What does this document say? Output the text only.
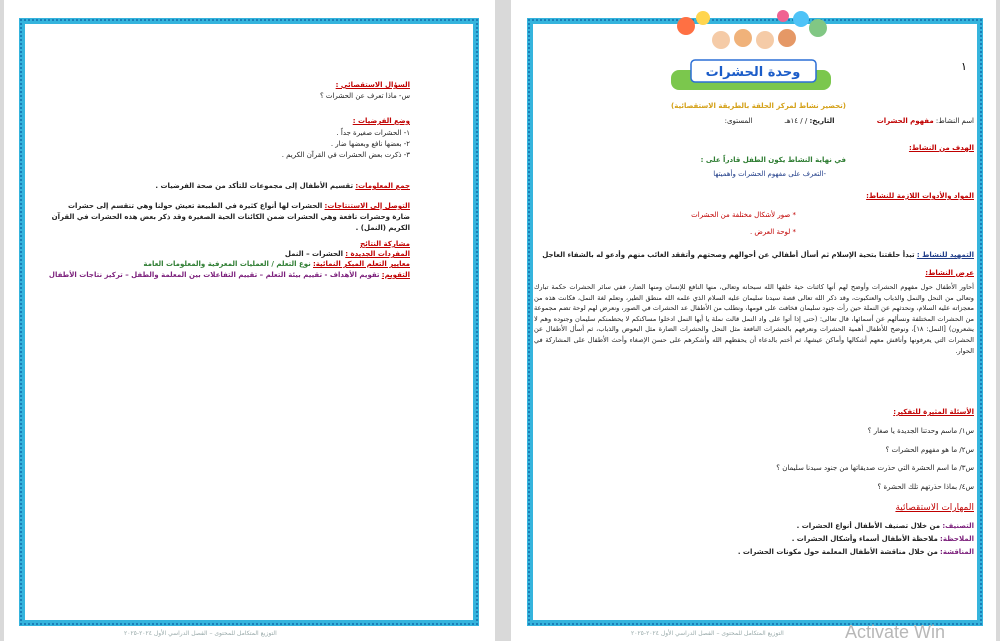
السؤال الاستقصائي :
س- ماذا تعرف عن الحشرات ؟
وضع الفرضيات :
١- الحشرات صغيرة جداً .
٢- بعضها نافع وبعضها ضار .
٣- ذكرت بعض الحشرات في القرآن الكريم .
جمع المعلومات: تقسيم الأطفال إلى مجموعات للتأكد من صحة الفرضيات .
التوصل إلى الاستنتاجات: الحشرات لها أنواع كثيرة في الطبيعة تعيش حولنا وهي تنقسم إلى حشرات ضارة وحشرات نافعة وهي الحشرات ضمن الكائنات الحية الصغيرة وقد ذكر بعض هذه الحشرات في القرآن الكريم (النمل) .
مشاركة النتائج
المفردات الجديدة : الحشرات – النمل
معايير التعلم المبكر النمائية: نوع التعلم / العمليات المعرفية والمعلومات العامة
التقويم: تقويم الأهداف - تقييم بيئة التعلم – تقييم التفاعلات بين المعلمة والطفل – تركيز نتاجات الأطفال
التوزيع المتكامل للمحتوى – الفصل الدراسي الأول ٢٠٢٤-٢٠٢٥
وحدة الحشرات	١
(تحضير نشاط لمركز الحلقة بالطريقة الاستقصائية)
اسم النشاط: مفهوم الحشرات التاريخ: / / ١٤هـ المستوى:
الهدف من النشاط:
في نهاية النشاط يكون الطفل قادراً على :
-التعرف على مفهوم الحشرات وأهميتها
المواد والأدوات اللازمة للنشاط:
* صور لأشكال مختلفة من الحشرات
* لوحة العرض .
التمهيد للنشاط : تبدأ حلقتنا بتحية الإسلام ثم أسأل أطفالي عن أحوالهم وصحتهم وأتفقد الغائب منهم وأدعو له بالشفاء العاجل
عرض النشاط:
أحاور الأطفال حول مفهوم الحشرات وأوضح لهم أنها كائنات حية خلقها الله سبحانه وتعالى، منها النافع للإنسان ومنها الضار، ففي سائر الحشرات حكمة تبارك وتعالى من النحل والنمل والذباب والعنكبوت، وقد ذكر الله تعالى قصة سيدنا سليمان عليه السلام الذي علمه الله منطق الطير، وتعلم لغة النمل، فكانت هذه من معجزاته عليه السلام، ونحدثهم عن النملة حين رأت جنود سليمان فخافت على قومها، ونطلب من الأطفال عد الحشرات في الصور، ونعرض لهم لوحة تضم مجموعة من الحشرات المختلفة ونسألهم عن أسمائها، قال تعالى: (حتى إذا أتوا على واد النمل قالت نملة يا أيها النمل ادخلوا مساكنكم لا يحطمنكم سليمان وجنوده وهم لا يشعرون) [النمل: ١٨]، ونوضح للأطفال أهمية الحشرات ونعرفهم بالحشرات النافعة مثل النحل والحشرات الضارة مثل البعوض والذباب، ثم أسأل الأطفال عن الحشرات التي يعرفونها وأناقش معهم أشكالها وأماكن عيشها، ثم أختم بالدعاء أن يحفظهم الله وأشكرهم على حسن الإصغاء وأحث الأطفال على المشاركة في الحوار.
الأسئلة المثيرة للتفكير:
س١/ ماسم وحدتنا الجديدة يا صغار ؟
س٢/ ما هو مفهوم الحشرات ؟
س٣/ ما اسم الحشرة التي حذرت صديقاتها من جنود سيدنا سليمان ؟
س٤/ بماذا حذرتهم تلك الحشرة ؟
المهارات الاستقصائية
التصنيف: من خلال تصنيف الأطفال أنواع الحشرات .
الملاحظة: ملاحظة الأطفال أسماء وأشكال الحشرات .
المناقشة: من خلال مناقشة الأطفال المعلمة حول مكونات الحشرات .
التوزيع المتكامل للمحتوى – الفصل الدراسي الأول ٢٠٢٤-٢٠٢٥	Activate Win
